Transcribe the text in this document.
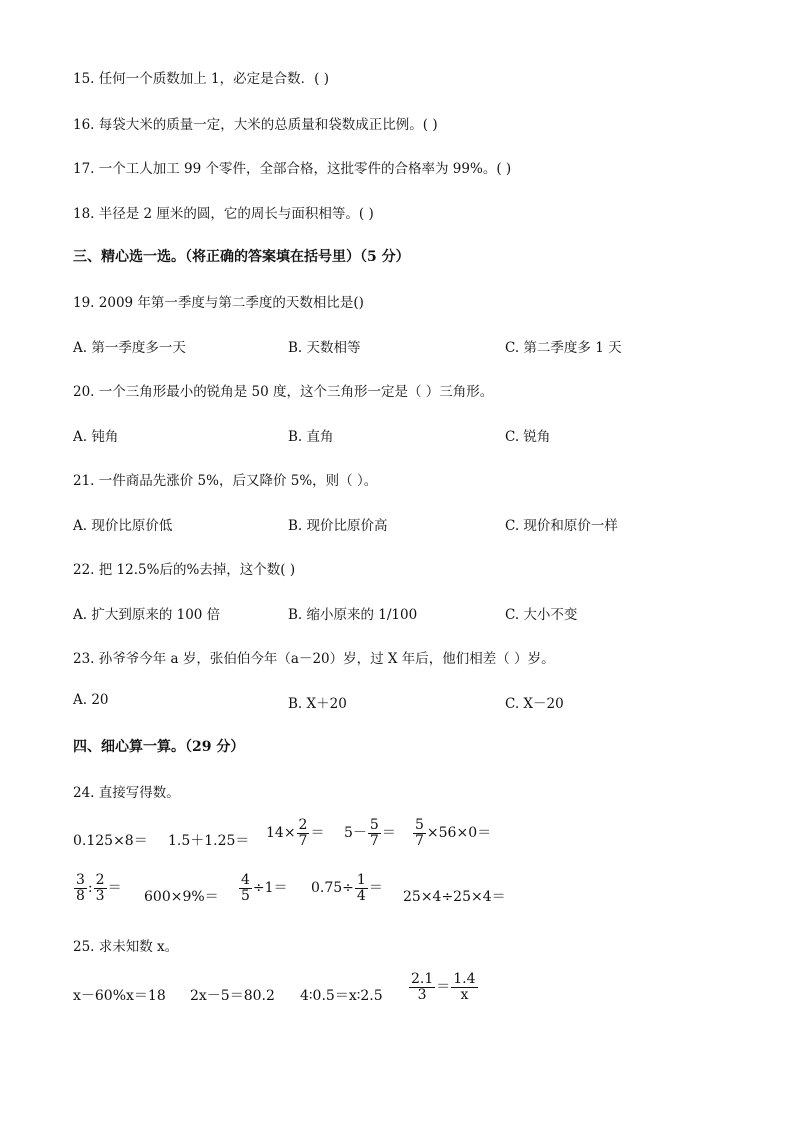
15. 任何一个质数加上 1，必定是合数．( )
16. 每袋大米的质量一定，大米的总质量和袋数成正比例。( )
17. 一个工人加工 99 个零件，全部合格，这批零件的合格率为 99%。( )
18. 半径是 2 厘米的圆，它的周长与面积相等。( )
三、精心选一选。（将正确的答案填在括号里）（5 分）
19. 2009 年第一季度与第二季度的天数相比是()
A. 第一季度多一天	B. 天数相等	C. 第二季度多 1 天
20. 一个三角形最小的锐角是 50 度，这个三角形一定是（ ）三角形。
A. 钝角	B. 直角	C. 锐角
21. 一件商品先涨价 5%，后又降价 5%，则（ ）。
A. 现价比原价低	B. 现价比原价高	C. 现价和原价一样
22. 把 12.5%后的%去掉，这个数( )
A. 扩大到原来的 100 倍	B. 缩小原来的 1/100	C. 大小不变
23. 孙爷爷今年 a 岁，张伯伯今年（a－20）岁，过 X 年后，他们相差（ ）岁。
A. 20	B. X＋20	C. X－20
四、细心算一算。（29 分）
24. 直接写得数。
$0.125\times 8= 1.5+1.25= 14\times \frac{2}{7} = 5- \frac{5}{7} = \frac{5}{7} \times 56\times 0=$
$\frac{3}{8}$ : $\frac{2}{3}$ ＝
$600\times 9\%= \frac{4}{5} \div 1= 0.75\div \frac{1}{4}$ ＝
25×4÷25×4＝
25. 求未知数 x。
x－60%x＝18 2x－5＝80.2 4∶0.5＝x∶2.5 $\frac{2.1}{3} = \frac{1.4}{x}$
